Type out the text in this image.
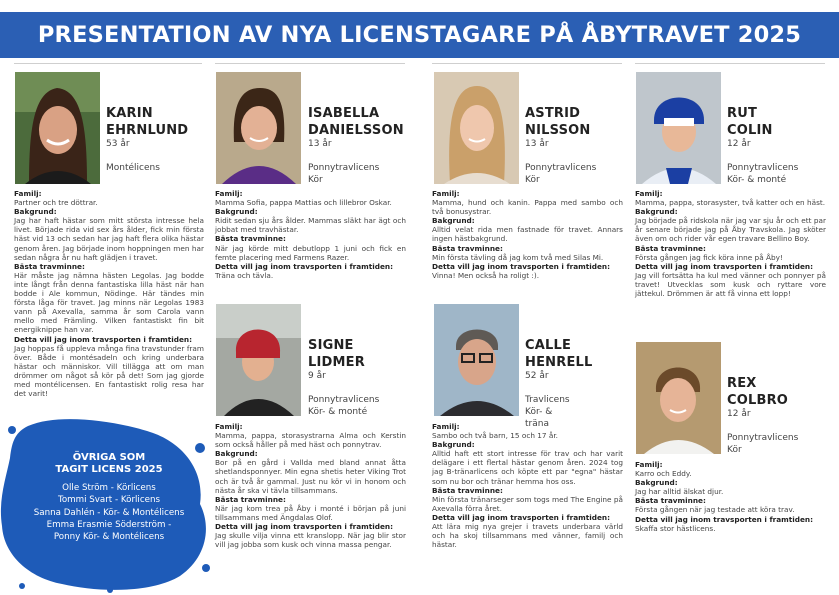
PRESENTATION AV NYA LICENSTAGARE PÅ ÅBYTRAVET 2025
KARIN
EHRNLUND
53 år
Montélicens
Familj:

Partner och tre döttrar.

Bakgrund:

Jag har haft hästar som mitt största intresse hela livet. Började rida vid sex års ålder, fick min första häst vid 13 och sedan har jag haft flera olika hästar genom åren. Jag började inom hoppningen men har sedan några år nu haft glädjen i travet.

Bästa travminne:

Här måste jag nämna hästen Legolas. Jag bodde inte långt från denna fantastiska lilla häst när han bodde i Ale kommun, Nödinge. Här tändes min första låga för travet. Jag minns när Legolas 1983 vann på Axevalla, samma år som Carola vann mello med Främling. Vilken fantastiskt fin bit energiknippe han var.

Detta vill jag inom travsporten i framtiden:

Jag hoppas få uppleva många fina travstunder fram över. Både i montésadeln och kring underbara hästar och människor. Vill tillägga att om man drömmer om något så kör på det! Som jag gjorde med montélicensen. En fantastiskt rolig resa har det varit!

ISABELLA
DANIELSSON
13 år
Ponnytravlicens
Kör
Familj:

Mamma Sofia, pappa Mattias och lillebror Oskar.

Bakgrund:

Ridit sedan sju års ålder. Mammas släkt har ägt och jobbat med travhästar.

Bästa travminne:

När jag körde mitt debutlopp 1 juni och fick en femte placering med Farmens Razer.

Detta vill jag inom travsporten i framtiden:

Träna och tävla.

ASTRID
NILSSON
13 år
Ponnytravlicens
Kör
Familj:

Mamma, hund och kanin. Pappa med sambo och två bonusystrar.

Bakgrund:

Alltid velat rida men fastnade för travet. Annars ingen hästbakgrund.

Bästa travminne:

Min första tävling då jag kom två med Silas Mi.

Detta vill jag inom travsporten i framtiden:

Vinna! Men också ha roligt :).

RUT
COLIN
12 år
Ponnytravlicens
Kör- & monté
Familj:

Mamma, pappa, storasyster, två katter och en häst.

Bakgrund:

Jag började på ridskola när jag var sju år och ett par år senare började jag på Åby Travskola. Jag sköter även om och rider vår egen travare Bellino Boy.

Bästa travminne:

Första gången jag fick köra inne på Åby!

Detta vill jag inom travsporten i framtiden:

Jag vill fortsätta ha kul med vänner och ponnyer på travet! Utvecklas som kusk och ryttare vore jättekul. Drömmen är att få vinna ett lopp!

SIGNE
LIDMER
9 år
Ponnytravlicens
Kör- & monté
Familj:

Mamma, pappa, storasystrarna Alma och Kerstin som också håller på med häst och ponnytrav.

Bakgrund:

Bor på en gård i Vallda med bland annat åtta shetlandsponnyer. Min egna shetis heter Viking Trot och är två år gammal. Just nu kör vi in honom och nästa år ska vi tävla tillsammans.

Bästa travminne:

När jag kom trea på Åby i monté i början på juni tillsammans med Ängdalas Olof.

Detta vill jag inom travsporten i framtiden:

Jag skulle vilja vinna ett kranslopp. När jag blir stor vill jag jobba som kusk och vinna massa pengar.

CALLE
HENRELL
52 år
Travlicens
Kör- & träna
Familj:

Sambo och två barn, 15 och 17 år.

Bakgrund:

Alltid haft ett stort intresse för trav och har varit delägare i ett flertal hästar genom åren. 2024 tog jag B-tränarlicens och köpte ett par "egna" hästar som nu bor och tränar hemma hos oss.

Bästa travminne:

Min första tränarseger som togs med The Engine på Axevalla förra året.

Detta vill jag inom travsporten i framtiden:

Att lära mig nya grejer i travets underbara värld och ha skoj tillsammans med vänner, familj och hästar.

REX
COLBRO
12 år
Ponnytravlicens
Kör
Familj:

Karro och Eddy.

Bakgrund:

Jag har alltid älskat djur.

Bästa travminne:

Första gången när jag testade att köra trav.

Detta vill jag inom travsporten i framtiden:

Skaffa stor hästlicens.

ÖVRIGA SOM
TAGIT LICENS 2025
Olle Ström - Körlicens
Tommi Svart - Körlicens
Sanna Dahlén - Kör- & Montélicens
Emma Erasmie Söderström -
Ponny Kör- & Montélicens
